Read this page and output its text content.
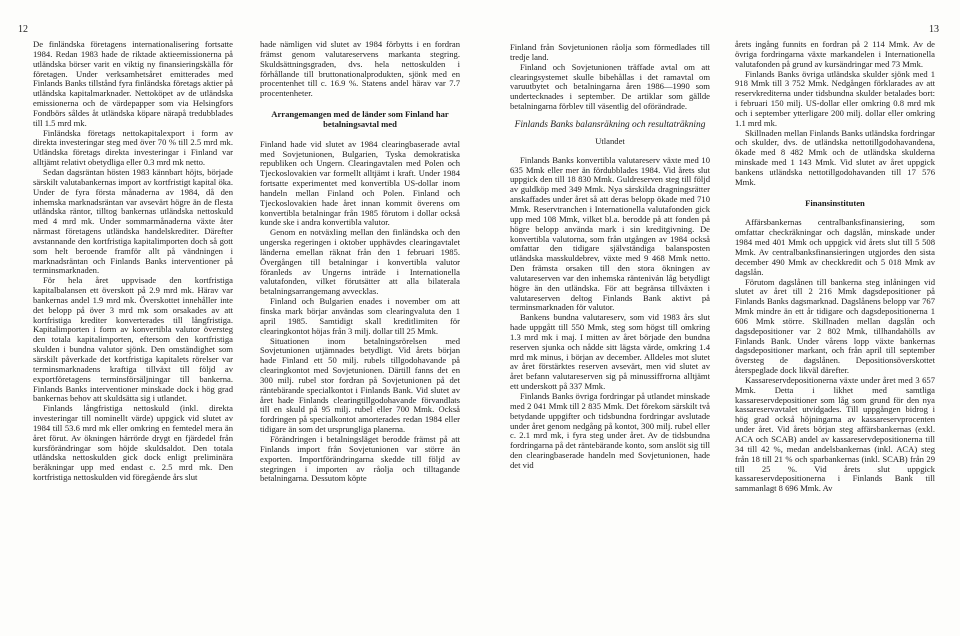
12	13

De finländska företagens internationalisering fortsatte 1984. Redan 1983 hade de riktade aktieemissionerna på utländska börser varit en viktig ny finansieringskälla för företagen. Under verksamhetsåret emitterades med Finlands Banks tillstånd fyra finländska företags aktier på utländska kapitalmarknader. Nettoköpet av de utländska emissionerna och de värdepapper som via Helsingfors Fondbörs såldes åt utländska köpare närapå tredubblades till 1.5 mrd mk.

Finländska företags nettokapitalexport i form av direkta investeringar steg med över 70 % till 2.5 mrd mk. Utländska företags direkta investeringar i Finland var alltjämt relativt obetydliga eller 0.3 mrd mk netto.

Sedan dagsräntan hösten 1983 kännbart höjts, började särskilt valutabankernas import av kortfristigt kapital öka. Under de fyra första månaderna av 1984, då den inhemska marknadsräntan var avsevärt högre än de flesta utländska räntor, tilltog bankernas utländska nettoskuld med 4 mrd mk. Under sommarmånaderna växte åter närmast företagens utländska handelskrediter. Därefter avstannande den kortfristiga kapitalimporten doch så gott som helt beroende framför allt på vändningen i marknadsräntan och Finlands Banks interventioner på terminsmarknaden.

För hela året uppvisade den kortfristiga kapitalbalansen ett överskott på 2.9 mrd mk. Härav var bankernas andel 1.9 mrd mk. Överskottet innehåller inte det belopp på över 3 mrd mk som orsakades av att kortfristiga krediter konverterades till långfristiga. Kapitalimporten i form av konvertibla valutor översteg den totala kapitalimporten, eftersom den kortfristiga skulden i bundna valutor sjönk. Den omständighet som särskilt påverkade det kortfristiga kapitalets rörelser var terminsmarknadens kraftiga tillväxt till följd av exportföretagens terminsförsäljningar till bankerna. Finlands Banks interventioner minskade dock i hög grad bankernas behov att skuldsätta sig i utlandet.

Finlands långfristiga nettoskuld (inkl. direkta investeringar till nominellt värde) uppgick vid slutet av 1984 till 53.6 mrd mk eller omkring en femtedel mera än året förut. Av ökningen härrörde drygt en fjärdedel från kursförändringar som höjde skuldsaldot. Den totala utländska nettoskulden gick dock enligt preliminära beräkningar upp med endast c. 2.5 mrd mk. Den kortfristiga nettoskulden vid föregående års slut

hade nämligen vid slutet av 1984 förbytts i en fordran främst genom valutareservens markanta stegring. Skuldsättningsgraden, dvs. hela nettoskulden i förhållande till bruttonationalprodukten, sjönk med en procentenhet till c. 16.9 %. Statens andel härav var 7.7 procentenheter.

Arrangemangen med de länder som Finland har betalningsavtal med

Finland hade vid slutet av 1984 clearingbaserade avtal med Sovjetunionen, Bulgarien, Tyska demokratiska republiken och Ungern. Clearingavtalen med Polen och Tjeckoslovakien var formellt alltjämt i kraft. Under 1984 fortsatte experimentet med konvertibla US-dollar inom handeln mellan Finland och Polen. Finland och Tjeckoslovakien hade året innan kommit överens om konvertibla betalningar från 1985 förutom i dollar också kunde ske i andra konvertibla valutor.

Genom en notväxling mellan den finländska och den ungerska regeringen i oktober upphävdes clearingavtalet länderna emellan räknat från den 1 februari 1985. Övergången till betalningar i konvertibla valutor föranleds av Ungerns inträde i Internationella valutafonden, vilket förutsätter att alla bilaterala betalningsarrangemang avvecklas.

Finland och Bulgarien enades i november om att finska mark börjar användas som clearingvaluta den 1 april 1985. Samtidigt skall kreditlimiten för clearingkontot höjas från 3 milj. dollar till 25 Mmk.

Situationen inom betalningsrörelsen med Sovjetunionen utjämnades betydligt. Vid årets början hade Finland ett 50 milj. rubels tillgodohavande på clearingkontot med Sovjetunionen. Därtill fanns det en 300 milj. rubel stor fordran på Sovjetunionen på det räntebärande specialkontot i Finlands Bank. Vid slutet av året hade Finlands clearingtillgodohavande förvandlats till en skuld på 95 milj. rubel eller 700 Mmk. Också fordringen på specialkontot amorterades redan 1984 eller tidigare än som det ursprungliga planerna.

Förändringen i betalningsläget berodde främst på att Finlands import från Sovjetunionen var större än exporten. Importförändringarna skedde till följd av stegringen i importen av råolja och tilltagande betalningarna. Dessutom köpte

Finland från Sovjetunionen råolja som förmedlades till tredje land.

Finland och Sovjetunionen träffade avtal om att clearingsystemet skulle bibehållas i det ramavtal om varuutbytet och betalningarna åren 1986—1990 som undertecknades i september. De artiklar som gällde betalningarna förblev till väsentlig del oförändrade.

Finlands Banks balansräkning och resultaträkning
Utlandet

Finlands Banks konvertibla valutareserv växte med 10 635 Mmk eller mer än fördubblades 1984. Vid årets slut uppgick den till 18 830 Mmk. Guldreserven steg till följd av guldköp med 349 Mmk. Nya särskilda dragningsrätter anskaffades under året så att deras belopp ökade med 710 Mmk. Reservtranchen i Internationella valutafonden gick upp med 108 Mmk, vilket bl.a. berodde på att fonden på högre belopp använda mark i sin kreditgivning. De konvertibla valutorna, som från utgången av 1984 också omfattar den tidigare självständiga balansposten utländska masskuldebrev, växte med 9 468 Mmk netto. Den främsta orsaken till den stora ökningen av valutareserven var den inhemska ränteniván låg betydligt högre än den utländska. För att begränsa tillväxten i valutareserven deltog Finlands Bank aktivt på terminsmarknaden för valutor.

Bankens bundna valutareserv, som vid 1983 års slut hade uppgått till 550 Mmk, steg som högst till omkring 1.3 mrd mk i maj. I mitten av året började den bundna reserven sjunka och nådde sitt lägsta värde, omkring 1.4 mrd mk minus, i början av december. Alldeles mot slutet av året förstärktes reserven avsevärt, men vid slutet av året befann valutareserven sig på minussiffrorna alltjämt ett underskott på 337 Mmk.

Finlands Banks övriga fordringar på utlandet minskade med 2 041 Mmk till 2 835 Mmk. Det förekom särskilt två betydande uppgifter och tidsbundna fordringar avslutade under året genom nedgång på kontot, 300 milj. rubel eller c. 2.1 mrd mk, i fyra steg under året. Av de tidsbundna fordringarna på det räntebärande konto, som anslöt sig till den clearingbaserade handeln med Sovjetunionen, hade det vid

årets ingång funnits en fordran på 2 114 Mmk. Av de övriga fordringarna växte markandelen i Internationella valutafonden på grund av kursändringar med 73 Mmk.

Finlands Banks övriga utländska skulder sjönk med 1 918 Mmk till 3 752 Mmk. Nedgången förklarades av att reservkrediterna under tidsbundna skulder betalades bort: i februari 150 milj. US-dollar eller omkring 0.8 mrd mk och i september ytterligare 200 milj. dollar eller omkring 1.1 mrd mk.

Skillnaden mellan Finlands Banks utländska fordringar och skulder, dvs. de utländska nettotillgodohavandena, ökade med 8 482 Mmk och de utländska skulderna minskade med 1 143 Mmk. Vid slutet av året uppgick bankens utländska nettotillgodohavanden till 17 576 Mmk.

Finansinstituten

Affärsbankernas centralbanksfinansiering, som omfattar checkräkningar och dagslån, minskade under 1984 med 401 Mmk och uppgick vid årets slut till 5 508 Mmk. Av centralbanksfinansieringen utgjordes den sista december 490 Mmk av checkkredit och 5 018 Mmk av dagslån.

Förutom dagslånen till bankerna steg inlåningen vid slutet av året till 2 216 Mmk dagsdepositioner på Finlands Banks dagsmarknad. Dagslånens belopp var 767 Mmk mindre än ett år tidigare och dagsdepositionerna 1 606 Mmk större. Skillnaden mellan dagslån och dagsdepositioner var 2 802 Mmk, tillhandahölls av Finlands Bank. Under vårens lopp växte bankernas dagsdepositioner markant, och från april till september översteg de dagslånen. Depositionsöverskottet återspeglade dock likväl därefter.

Kassareservdepositionerna växte under året med 3 657 Mmk. Detta i likhet med samtliga kassareservdepositioner som låg som grund för den nya kassareservavtalet utvidgades. Till uppgången bidrog i hög grad också höjningarna av kassareservprocenten under året. Vid årets början steg affärsbankernas (exkl. ACA och SCAB) andel av kassareservdepositionerna till 34 till 42 %, medan andelsbankernas (inkl. ACA) steg från 18 till 21 % och sparbankernas (inkl. SCAB) från 29 till 25 %. Vid årets slut uppgick kassareservdepositionerna i Finlands Bank till sammanlagt 8 696 Mmk. Av
